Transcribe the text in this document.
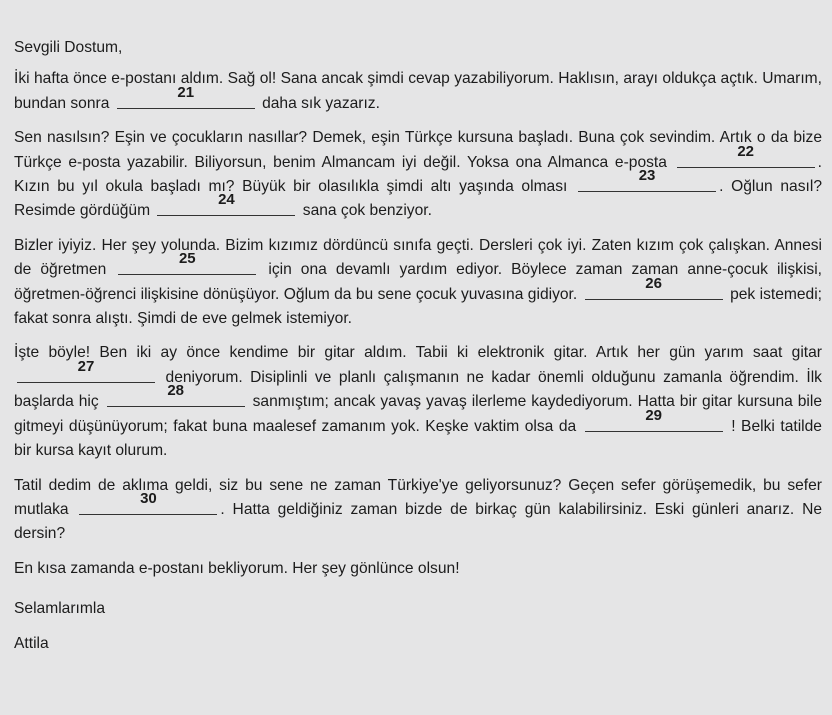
Sevgili Dostum,

İki hafta önce e-postanı aldım. Sağ ol! Sana ancak şimdi cevap yazabiliyorum. Haklısın, arayı oldukça açtık. Umarım, bundan sonra
21
daha sık yazarız.

Sen nasılsın? Eşin ve çocukların nasıllar? Demek, eşin Türkçe kursuna başladı. Buna çok sevindim. Artık o da bize Türkçe e-posta yazabilir. Biliyorsun, benim Almancam iyi değil. Yoksa ona Almanca e-posta
22
. Kızın bu yıl okula başladı mı? Büyük bir olasılıkla şimdi altı yaşında olması
23
. Oğlun nasıl? Resimde gördüğüm
24
sana çok benziyor.

Bizler iyiyiz. Her şey yolunda. Bizim kızımız dördüncü sınıfa geçti. Dersleri çok iyi. Zaten kızım çok çalışkan. Annesi de öğretmen
25
için ona devamlı yardım ediyor. Böylece zaman zaman anne-çocuk ilişkisi, öğretmen-öğrenci ilişkisine dönüşüyor. Oğlum da bu sene çocuk yuvasına gidiyor.
26
pek istemedi; fakat sonra alıştı. Şimdi de eve gelmek istemiyor.

İşte böyle! Ben iki ay önce kendime bir gitar aldım. Tabii ki elektronik gitar. Artık her gün yarım saat gitar
27
deniyorum. Disiplinli ve planlı çalışmanın ne kadar önemli olduğunu zamanla öğrendim. İlk başlarda hiç
28
sanmıştım; ancak yavaş yavaş ilerleme kaydediyorum. Hatta bir gitar kursuna bile gitmeyi düşünüyorum; fakat buna maalesef zamanım yok. Keşke vaktim olsa da
29
! Belki tatilde bir kursa kayıt olurum.

Tatil dedim de aklıma geldi, siz bu sene ne zaman Türkiye'ye geliyorsunuz? Geçen sefer görüşemedik, bu sefer mutlaka
30
. Hatta geldiğiniz zaman bizde de birkaç gün kalabilirsiniz. Eski günleri anarız. Ne dersin?

En kısa zamanda e-postanı bekliyorum. Her şey gönlünce olsun!

Selamlarımla

Attila
